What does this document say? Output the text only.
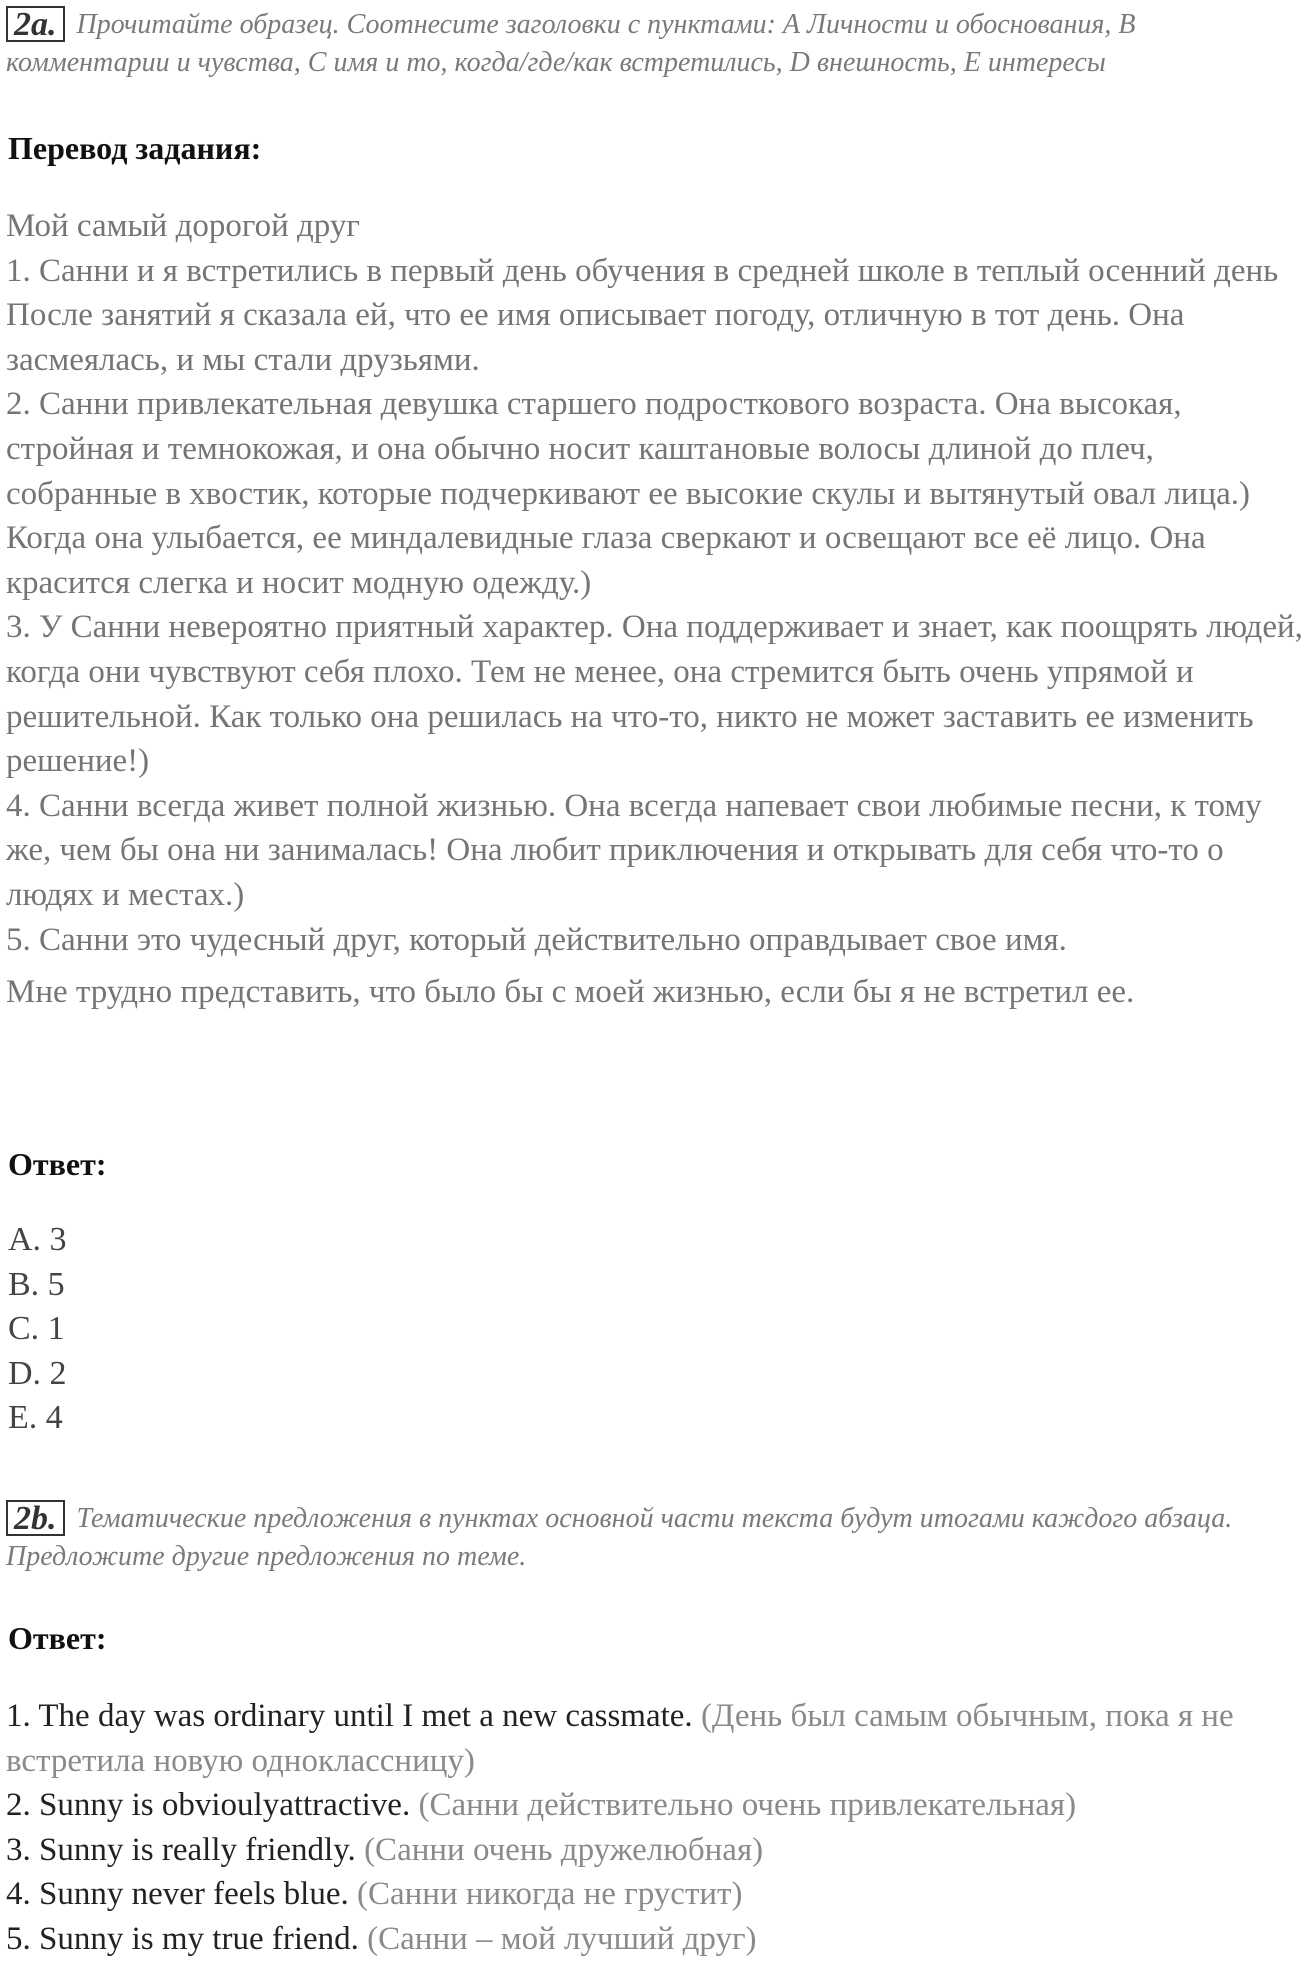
2a. Прочитайте образец. Соотнесите заголовки с пунктами: А Личности и обоснования, В комментарии и чувства, С имя и то, когда/где/как встретились, D внешность, E интересы
Перевод задания:

Мой самый дорогой друг

1. Санни и я встретились в первый день обучения в средней школе в теплый осенний день После занятий я сказала ей, что ее имя описывает погоду, отличную в тот день. Она засмеялась, и мы стали друзьями.

2. Санни привлекательная девушка старшего подросткового возраста. Она высокая, стройная и темнокожая, и она обычно носит каштановые волосы длиной до плеч, собранные в хвостик, которые подчеркивают ее высокие скулы и вытянутый овал лица.) Когда она улыбается, ее миндалевидные глаза сверкают и освещают все её лицо. Она красится слегка и носит модную одежду.)

3. У Санни невероятно приятный характер. Она поддерживает и знает, как поощрять людей, когда они чувствуют себя плохо. Тем не менее, она стремится быть очень упрямой и решительной. Как только она решилась на что-то, никто не может заставить ее изменить решение!)

4. Санни всегда живет полной жизнью. Она всегда напевает свои любимые песни, к тому же, чем бы она ни занималась! Она любит приключения и открывать для себя что-то о людях и местах.)

5. Санни это чудесный друг, который действительно оправдывает свое имя.

Мне трудно представить, что было бы с моей жизнью, если бы я не встретил ее.

Ответ:
A. 3
B. 5
C. 1
D. 2
E. 4
2b. Тематические предложения в пунктах основной части текста будут итогами каждого абзаца. Предложите другие предложения по теме.
Ответ:
1. The day was ordinary until I met a new cassmate. (День был самым обычным, пока я не встретила новую одноклассницу)
2. Sunny is obvioulyattractive. (Санни действительно очень привлекательная)
3. Sunny is really friendly. (Санни очень дружелюбная)
4. Sunny never feels blue. (Санни никогда не грустит)
5. Sunny is my true friend. (Санни – мой лучший друг)
